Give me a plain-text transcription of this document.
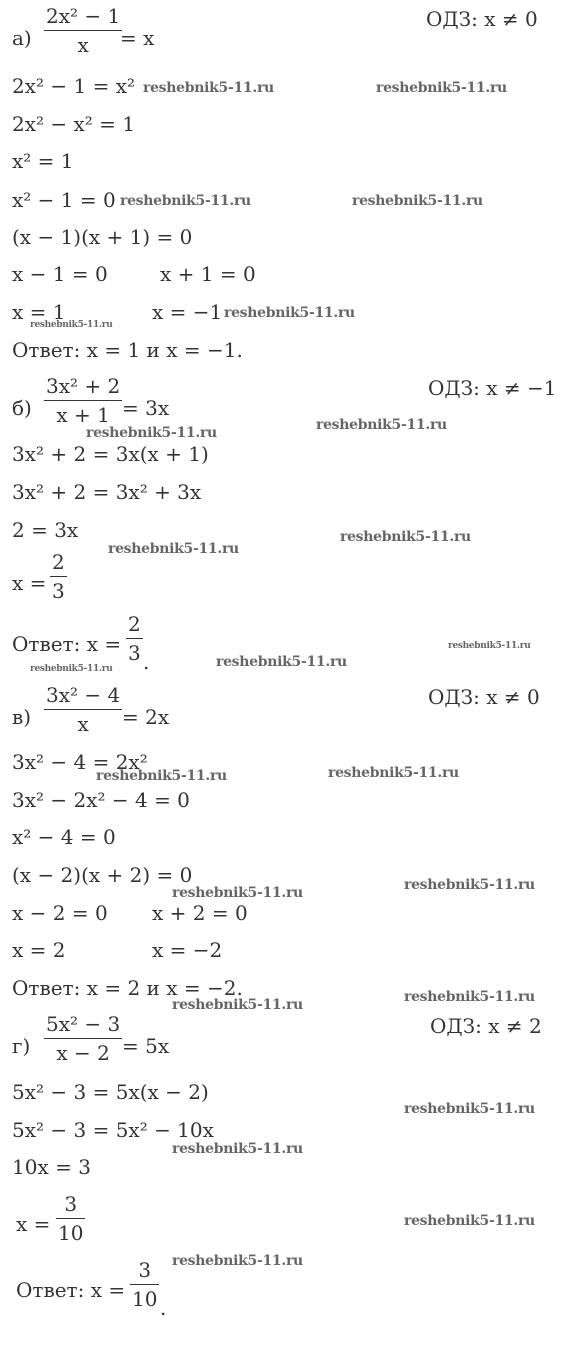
а)
2x² − 1
x = x
ОДЗ: x ≠ 0
2x² − 1 = x²
2x² − x² = 1
x² = 1
x² − 1 = 0
(x − 1)(x + 1) = 0
x − 1 = 0	x + 1 = 0
x = 1	x = −1
Ответ: x = 1 и x = −1.
б)
3x² + 2
x + 1 = 3x
ОДЗ: x ≠ −1
3x² + 2 = 3x(x + 1)
3x² + 2 = 3x² + 3x
2 = 3x
x =
2
3
Ответ: x =
2
3 .
в)
3x² − 4
x = 2x
ОДЗ: x ≠ 0
3x² − 4 = 2x²
3x² − 2x² − 4 = 0
x² − 4 = 0
(x − 2)(x + 2) = 0
x − 2 = 0 x + 2 = 0
x = 2	x = −2
Ответ: x = 2 и x = −2.
г)
5x² − 3
x − 2 = 5x
ОДЗ: x ≠ 2
5x² − 3 = 5x(x − 2)
5x² − 3 = 5x² − 10x
10x = 3
x =
3
10
Ответ: x =
3
10 .
reshebnik5-11.ru	reshebnik5-11.ru
reshebnik5-11.ru	reshebnik5-11.ru
reshebnik5-11.ru
reshebnik5-11.ru
reshebnik5-11.ru	reshebnik5-11.ru
reshebnik5-11.ru
reshebnik5-11.ru
reshebnik5-11.ru
reshebnik5-11.ru	reshebnik5-11.ru
reshebnik5-11.ru	reshebnik5-11.ru
reshebnik5-11.ru	reshebnik5-11.ru
reshebnik5-11.ru	reshebnik5-11.ru
reshebnik5-11.ru
reshebnik5-11.ru
reshebnik5-11.ru
reshebnik5-11.ru
